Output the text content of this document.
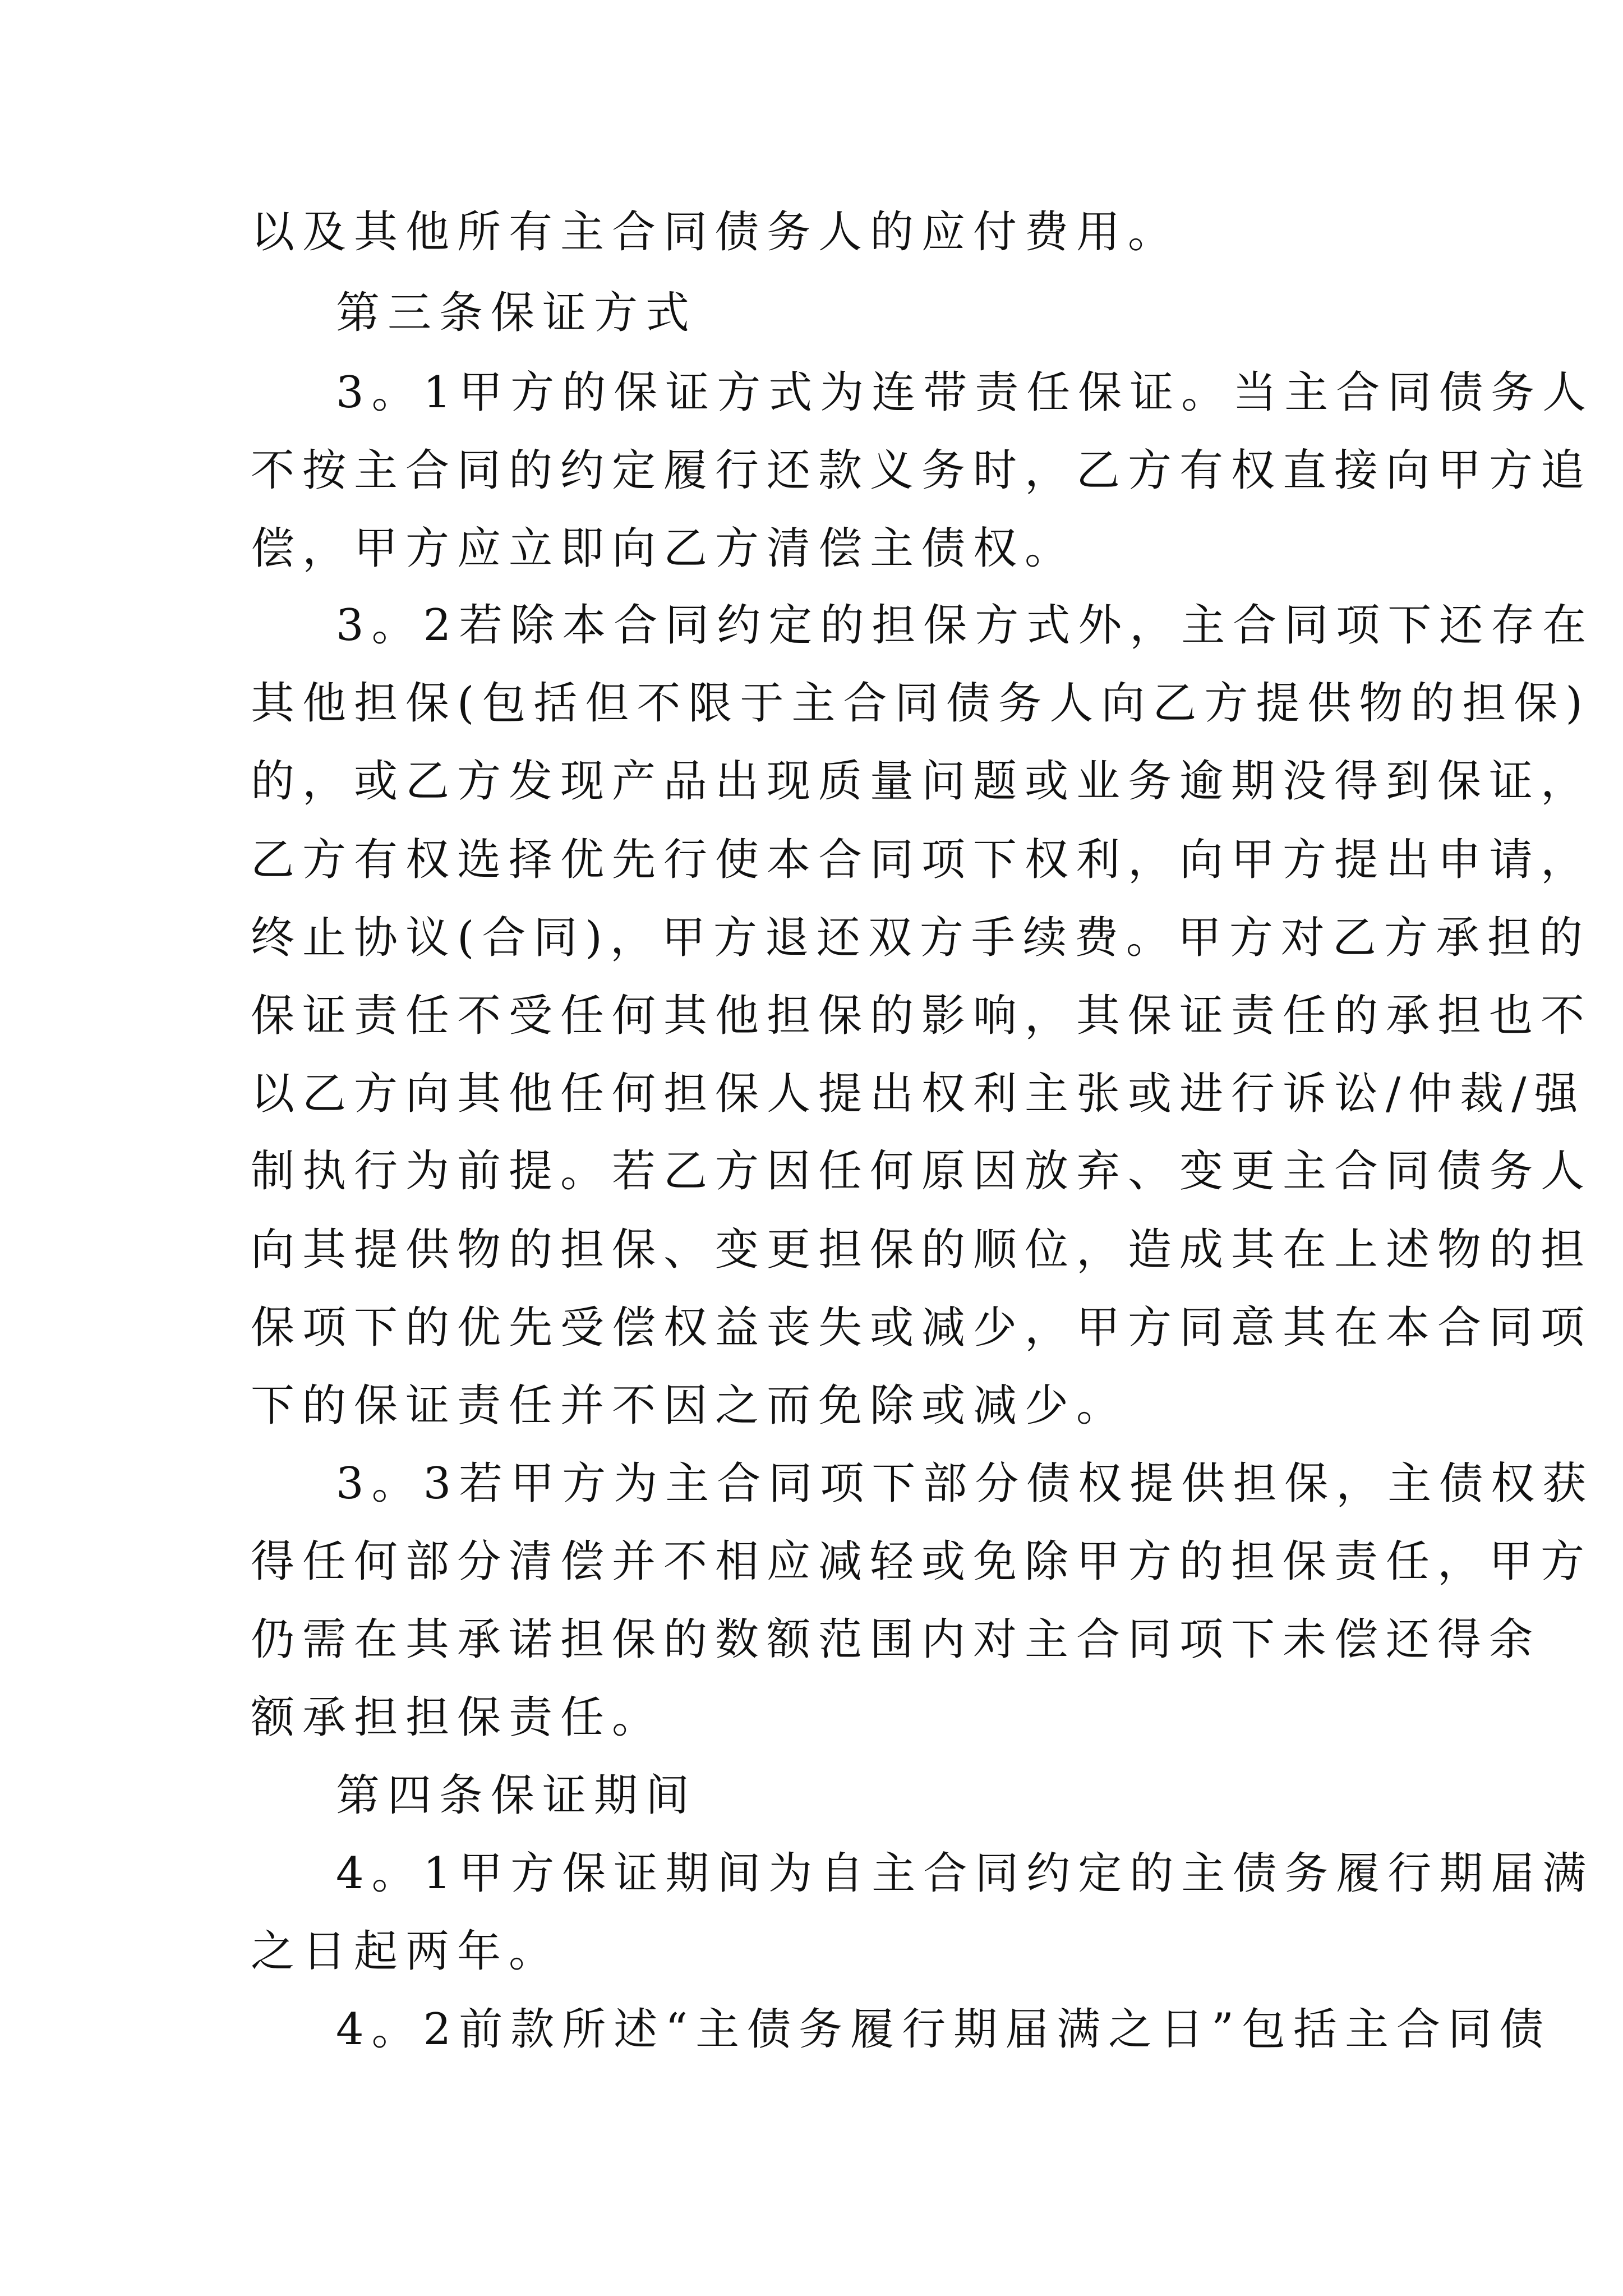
以及其他所有主合同债务人的应付费用。
第三条保证方式
3。1甲方的保证方式为连带责任保证。当主合同债务人
不按主合同的约定履行还款义务时，乙方有权直接向甲方追
偿，甲方应立即向乙方清偿主债权。
3。2若除本合同约定的担保方式外，主合同项下还存在
其他担保(包括但不限于主合同债务人向乙方提供物的担保)
的，或乙方发现产品出现质量问题或业务逾期没得到保证，
乙方有权选择优先行使本合同项下权利，向甲方提出申请，
终止协议(合同)，甲方退还双方手续费。甲方对乙方承担的
保证责任不受任何其他担保的影响，其保证责任的承担也不
以乙方向其他任何担保人提出权利主张或进行诉讼/仲裁/强
制执行为前提。若乙方因任何原因放弃、变更主合同债务人
向其提供物的担保、变更担保的顺位，造成其在上述物的担
保项下的优先受偿权益丧失或减少，甲方同意其在本合同项
下的保证责任并不因之而免除或减少。
3。3若甲方为主合同项下部分债权提供担保，主债权获
得任何部分清偿并不相应减轻或免除甲方的担保责任，甲方
仍需在其承诺担保的数额范围内对主合同项下未偿还得余
额承担担保责任。
第四条保证期间
4。1甲方保证期间为自主合同约定的主债务履行期届满
之日起两年。
4。2前款所述“主债务履行期届满之日”包括主合同债
